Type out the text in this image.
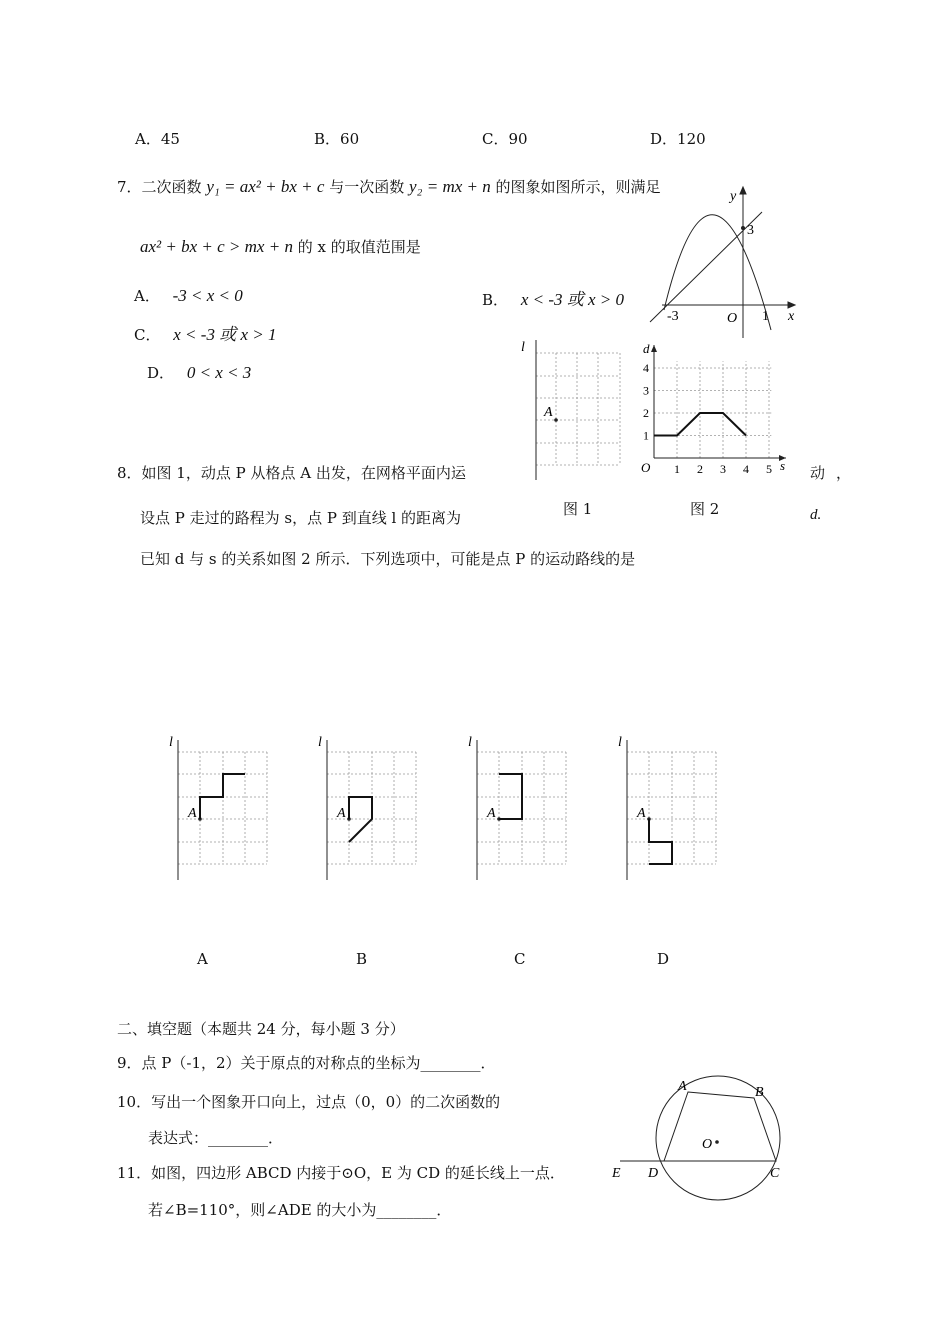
A．45	B．60	C．90	D．120
7．二次函数 y₁ = ax² + bx + c 与一次函数 y₂ = mx + n 的图象如图所示，则满足
ax² + bx + c > mx + n 的 x 的取值范围是
A． -3 < x < 0	B． x < -3 或 x > 0
C． x < -3 或 x > 1
D． 0 < x < 3
y
x
O
-3	1
3
l
A
1 2 3 4 5
1
2
3
4
d
s
O
图 1	图 2
8．如图 1，动点 P 从格点 A 出发，在网格平面内运	动 ，
设点 P 走过的路程为 s，点 P 到直线 l 的距离为	d.
已知 d 与 s 的关系如图 2 所示．下列选项中，可能是点 P 的运动路线的是
l
A
l
A
l
A
l
A
A	B	C	D
二、填空题（本题共 24 分，每小题 3 分）
9．点 P（-1，2）关于原点的对称点的坐标为________．
10．写出一个图象开口向上，过点（0，0）的二次函数的
表达式：________．
11．如图，四边形 ABCD 内接于⊙O，E 为 CD 的延长线上一点．
若∠B=110°，则∠ADE 的大小为________．
A	B
C
D
E
O
